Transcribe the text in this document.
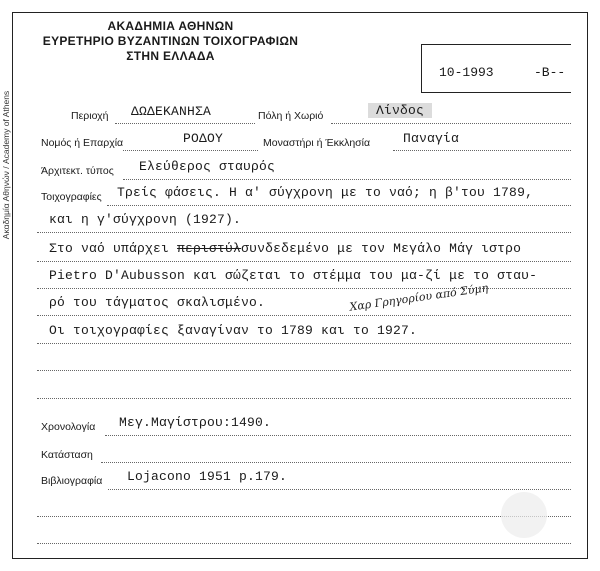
Ακαδημία Αθηνών / Academy of Athens
ΑΚΑΔΗΜΙΑ ΑΘΗΝΩΝ
ΕΥΡΕΤΗΡΙΟ ΒΥΖΑΝΤΙΝΩΝ ΤΟΙΧΟΓΡΑΦΙΩΝ
ΣΤΗΝ ΕΛΛΑΔΑ
10-1993	-B--
Περιοχή ΔΩΔΕΚΑΝΗΣΑ	Πόλη ή Χωριό	Λίνδος
Νομός ή Επαρχία	ΡΟΔΟΥ	Μοναστήρι ή Έκκλησία	Παναγία
Άρχιτεκτ. τύπος Ελεύθερος σταυρός
Τοιχογραφίες Τρείς φάσεις. Η α' σύγχρονη με το ναό; η β'του 1789,
και η γ'σύγχρονη (1927).
Στο ναό υπάρχει περιστύλσυνδεδεμένο με τον Μεγάλο Μάγ ιστρο
Pietro D'Aubusson και σώζεται το στέμμα του μα-ζί με το σταυ-
ρό του τάγματος σκαλισμένο.	Χαρ Γρηγορίου από Σύμη
Οι τοιχογραφίες ξαναγίναν το 1789 και το 1927.
Χρονολογία Μεγ.Μαγίστρου:1490.
Κατάσταση
Βιβλιογραφία Lojacono 1951 p.179.
